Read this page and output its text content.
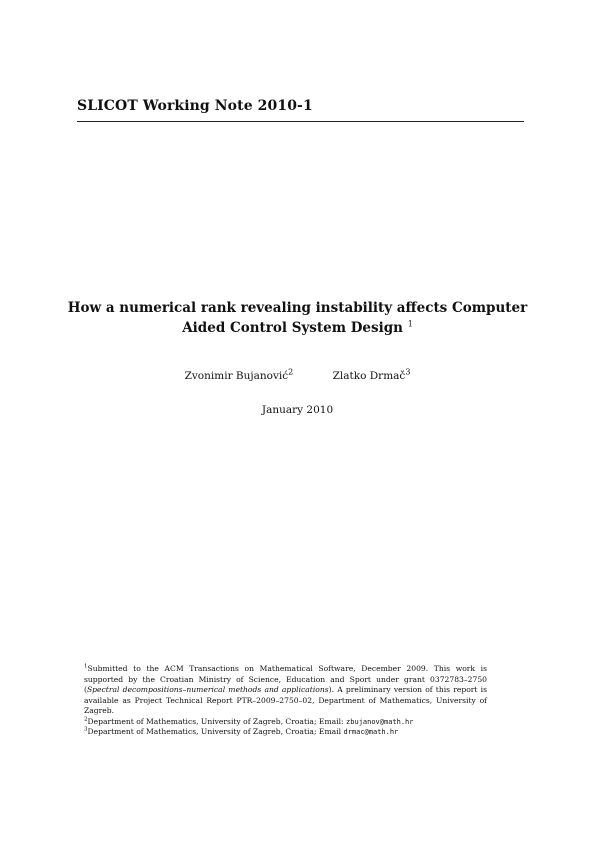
SLICOT Working Note 2010-1
How a numerical rank revealing instability affects Computer
Aided Control System Design $^1$
Zvonimir Bujanović$^2$	Zlatko Drmač$^3$
January 2010

$^1$Submitted to the ACM Transactions on Mathematical Software, December 2009. This work is supported by the Croatian Ministry of Science, Education and Sport under grant 0372783–2750 (Spectral decompositions–numerical methods and applications). A preliminary version of this report is available as Project Technical Report PTR–2009–2750–02, Department of Mathematics, University of Zagreb.

$^2$Department of Mathematics, University of Zagreb, Croatia; Email: zbujanov@math.hr

$^3$Department of Mathematics, University of Zagreb, Croatia; Email drmac@math.hr
